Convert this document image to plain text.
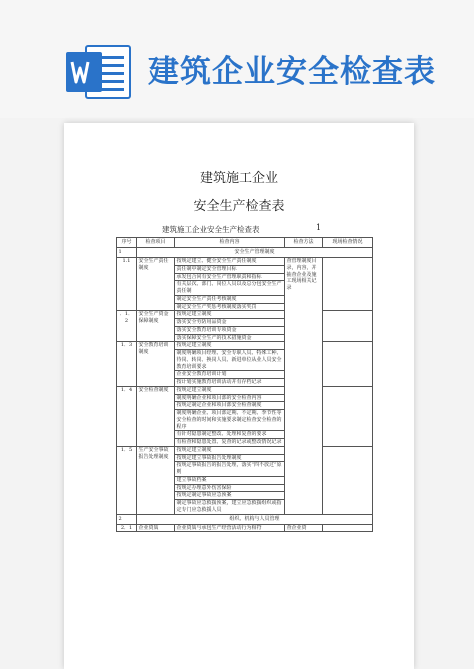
建筑企业安全检查表
建筑施工企业
安全生产检查表
建筑施工企业安全生产检查表	1
序号	检查项目	检查内容	检查方法	现场检查情况
1	安全生产管理制度			
1.1	安全生产责任制度	按规定建立、健全安全生产责任制度	查管理制度目录，内容，并抽查企业及施工现场相关记录	
		责任制中制定安全管理目标		
		承发包合同有安全生产管理职责和指标		
		有关层次、部门、岗位人员以及总分包安全生产责任制		
		制定安全生产责任考核制度		
		制定安全生产奖惩考核制度落实奖罚		
．1．2	安全生产资金保障制度	按规定建立制度		
		落实安全劳防用品资金		
		落实安全教育培训专项资金		
		落实保障安全生产的技术措施资金		
1．3	安全教育培训制度	按规定建立制度		
		制度明确项目经理、安全专职人员、特殊工种、待岗、转岗、换岗人员、新进单位从业人员安全教育培训要求		
		企业安全教育培训计划		
		按计划实施教育培训活动并有存档记录		
1．4	安全检查制度	按规定建立制度		
		制度明确企业和项目部的安全检查内容		
		按规定制定企业和项目部安全检查制度		
		制度明确企业、项目部定期、不定期、季节性等安全检查的时间和实施要求制定检查安全检查的程序		
		有针对隐患制定整改、处理和复查的要求		
		有检查和隐患处置、复查的记录或整改情况记录		
1．5	生产安全事故报告处理制度	按规定建立制度		
		按规定建立事故报告处理制度		
		按规定事故报告的报告处理，落实“四不放过”原则		
		建立事故档案		
		按规定办理意外伤害保险		
		按规定制定事故应急预案		
		制定事故应急救援预案，建立应急救援组织或指定专门应急救援人员		
2	组织、机构与人员管理			
2．1	企业资质	企业资质与承包生产经营活动行为相符	查企业资	
